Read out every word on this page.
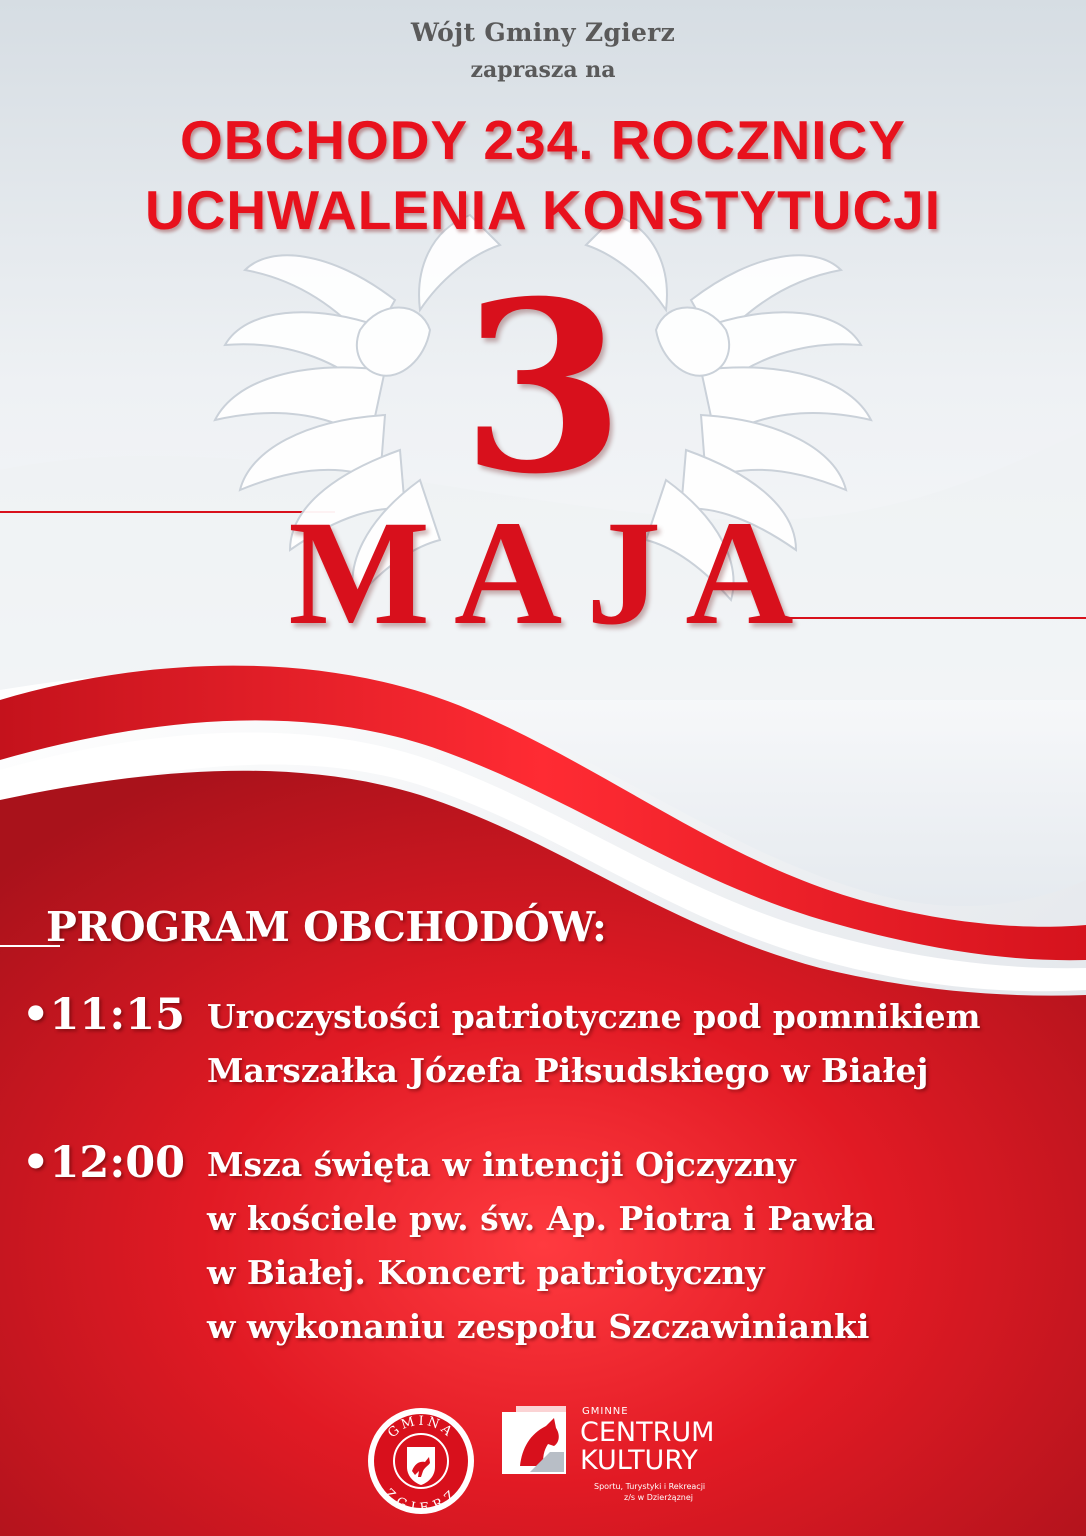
Wójt Gminy Zgierz

zaprasza na

OBCHODY 234. ROCZNICY

UCHWALENIA KONSTYTUCJI

3

MAJA

PROGRAM OBCHODÓW:

•11:15 Uroczystości patriotyczne pod pomnikiem
Marszałka Józefa Piłsudskiego w Białej

•12:00 Msza święta w intencji Ojczyzny
w kościele pw. św. Ap. Piotra i Pawła
w Białej. Koncert patriotyczny
w wykonaniu zespołu Szczawinianki
GMINA
ZGIERZ

GMINNE

CENTRUM

KULTURY

Sportu, Turystyki i Rekreacji

z/s w Dzierżąznej
